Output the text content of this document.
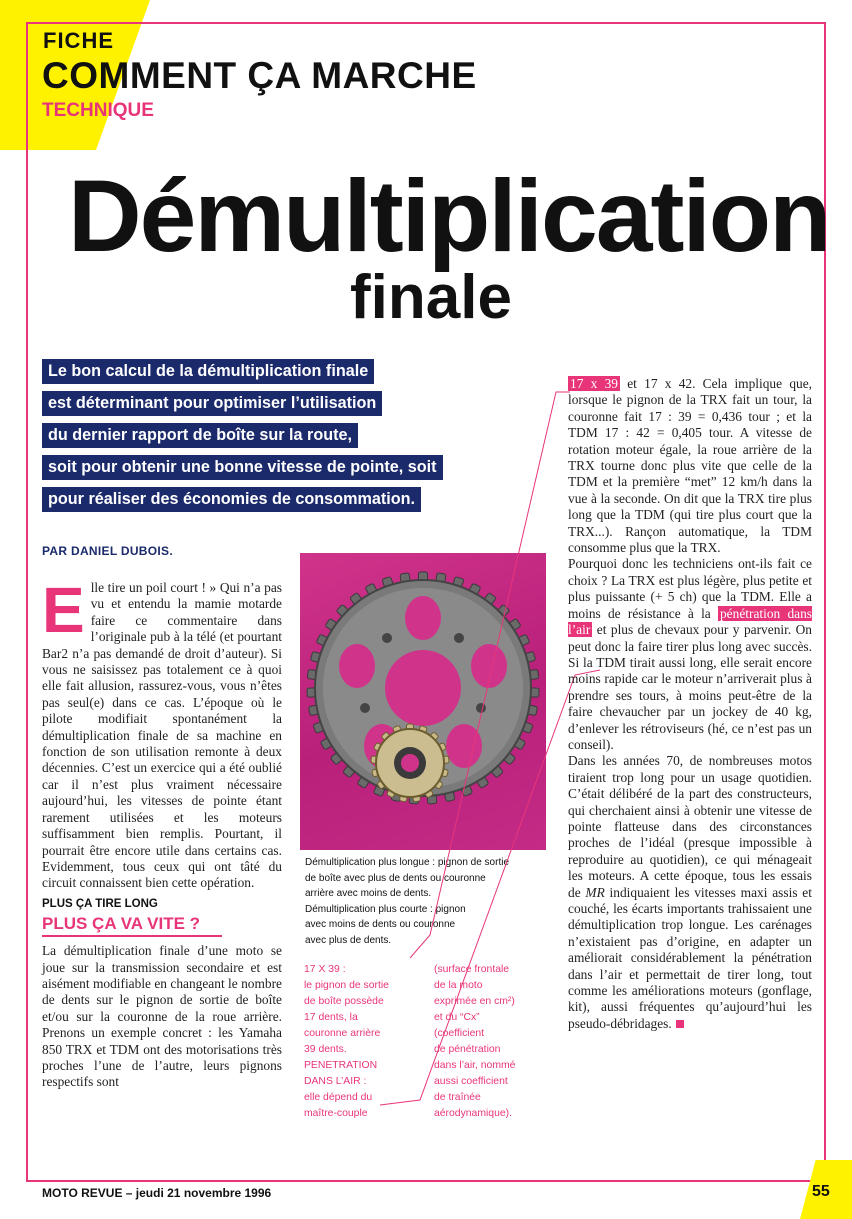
FICHE
COMMENT ÇA MARCHE
TECHNIQUE
Démultiplication
finale
Le bon calcul de la démultiplication finale
est déterminant pour optimiser l’utilisation
du dernier rapport de boîte sur la route,
soit pour obtenir une bonne vitesse de pointe, soit
pour réaliser des économies de consommation.
PAR DANIEL DUBOIS.

Elle tire un poil court ! » Qui n’a pas vu et entendu la mamie motarde faire ce commentaire dans l’originale pub à la télé (et pourtant Bar2 n’a pas demandé de droit d’auteur). Si vous ne saisissez pas totalement ce à quoi elle fait allusion, rassurez-vous, vous n’êtes pas seul(e) dans ce cas. L’époque où le pilote modifiait spontanément la démultiplication finale de sa machine en fonction de son utilisation remonte à deux décennies. C’est un exercice qui a été oublié car il n’est plus vraiment nécessaire aujourd’hui, les vitesses de pointe étant rarement utilisées et les moteurs suffisamment bien remplis. Pourtant, il pourrait être encore utile dans certains cas. Evidemment, tous ceux qui ont tâté du circuit connaissent bien cette opération.

PLUS ÇA TIRE LONG

PLUS ÇA VA VITE ?

La démultiplication finale d’une moto se joue sur la transmission secondaire et est aisément modifiable en changeant le nombre de dents sur le pignon de sortie de boîte et/ou sur la couronne de la roue arrière. Prenons un exemple concret : les Yamaha 850 TRX et TDM ont des motorisations très proches l’une de l’autre, leurs pignons respectifs sont

Démultiplication plus longue : pignon de sortie
de boîte avec plus de dents ou couronne
arrière avec moins de dents.
Démultiplication plus courte : pignon
avec moins de dents ou couronne
avec plus de dents.
17 X 39 :
le pignon de sortie
de boîte possède
17 dents, la
couronne arrière
39 dents.
PENETRATION
DANS L’AIR :
elle dépend du
maître-couple
(surface frontale
de la moto
exprimée en cm²)
et du “Cx”
(coefficient
de pénétration
dans l’air, nommé
aussi coefficient
de traînée
aérodynamique).

17 x 39 et 17 x 42. Cela implique que, lorsque le pignon de la TRX fait un tour, la couronne fait 17 : 39 = 0,436 tour ; et la TDM 17 : 42 = 0,405 tour. A vitesse de rotation moteur égale, la roue arrière de la TRX tourne donc plus vite que celle de la TDM et la première “met” 12 km/h dans la vue à la seconde. On dit que la TRX tire plus long que la TDM (qui tire plus court que la TRX...). Rançon automatique, la TDM consomme plus que la TRX.

Pourquoi donc les techniciens ont-ils fait ce choix ? La TRX est plus légère, plus petite et plus puissante (+ 5 ch) que la TDM. Elle a moins de résistance à la pénétration dans l’air et plus de chevaux pour y parvenir. On peut donc la faire tirer plus long avec succès. Si la TDM tirait aussi long, elle serait encore moins rapide car le moteur n’arriverait plus à prendre ses tours, à moins peut-être de la faire chevaucher par un jockey de 40 kg, d’enlever les rétroviseurs (hé, ce n’est pas un conseil).

Dans les années 70, de nombreuses motos tiraient trop long pour un usage quotidien. C’était délibéré de la part des constructeurs, qui cherchaient ainsi à obtenir une vitesse de pointe flatteuse dans des circonstances proches de l’idéal (presque impossible à reproduire au quotidien), ce qui ménageait les moteurs. A cette époque, tous les essais de MR indiquaient les vitesses maxi assis et couché, les écarts importants trahissaient une démultiplication trop longue. Les carénages n’existaient pas d’origine, en adapter un améliorait considérablement la pénétration dans l’air et permettait de tirer long, tout comme les améliorations moteurs (gonflage, kit), aussi fréquentes qu’aujourd’hui les pseudo-débridages.

MOTO REVUE – jeudi 21 novembre 1996	55
